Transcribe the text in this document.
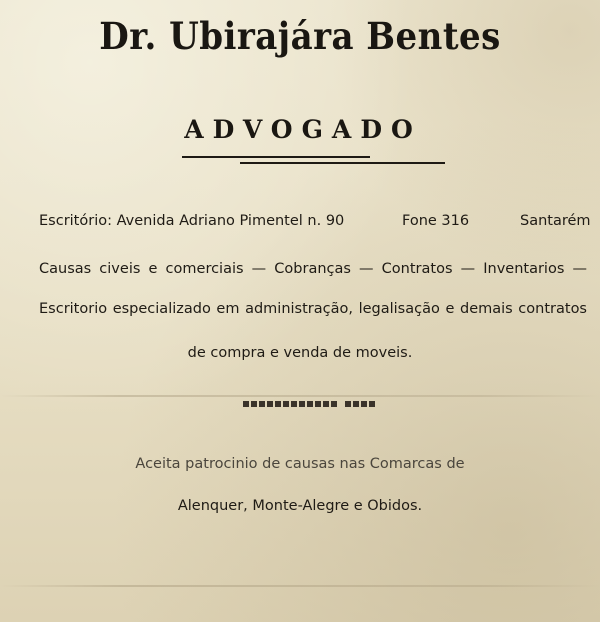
Dr. Ubirajára Bentes
ADVOGADO
Escritório: Avenida Adriano Pimentel n. 90	Fone 316	Santarém
Causas civeis e comerciais — Cobranças — Contratos — Inventarios —
Escritorio especializado em administração, legalisação e demais contratos
de compra e venda de moveis.
Aceita patrocinio de causas nas Comarcas de
Alenquer, Monte-Alegre e Obidos.
